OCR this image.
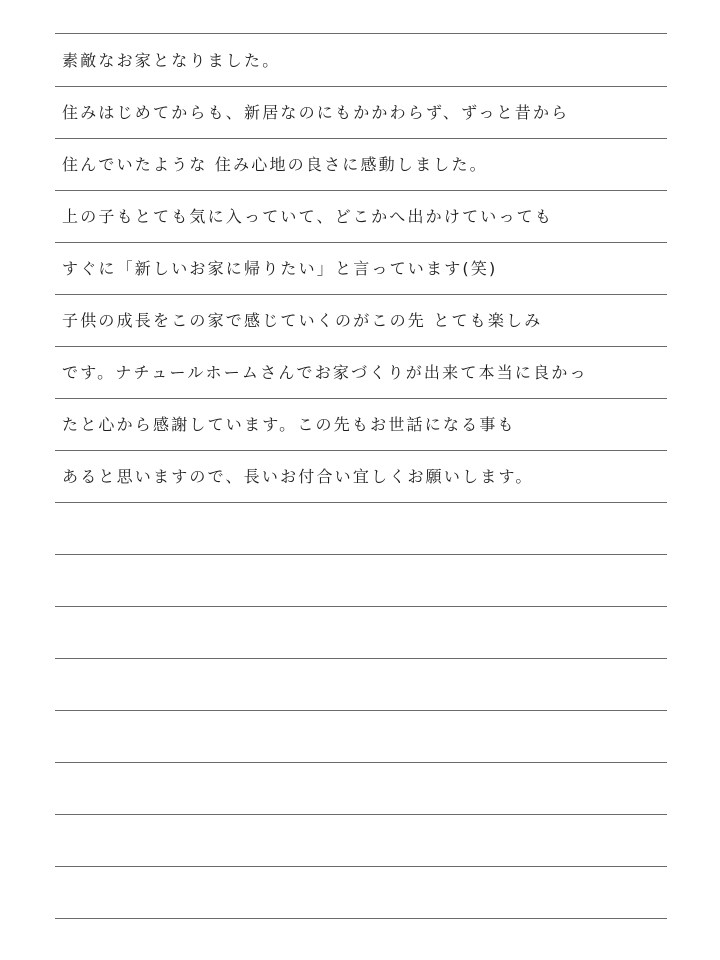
素敵なお家となりました。
住みはじめてからも、新居なのにもかかわらず、ずっと昔から
住んでいたような 住み心地の良さに感動しました。
上の子もとても気に入っていて、どこかへ出かけていっても
すぐに「新しいお家に帰りたい」と言っています(笑)
子供の成長をこの家で感じていくのがこの先 とても楽しみ
です。ナチュールホームさんでお家づくりが出来て本当に良かっ
たと心から感謝しています。この先もお世話になる事も
あると思いますので、長いお付合い宜しくお願いします。
